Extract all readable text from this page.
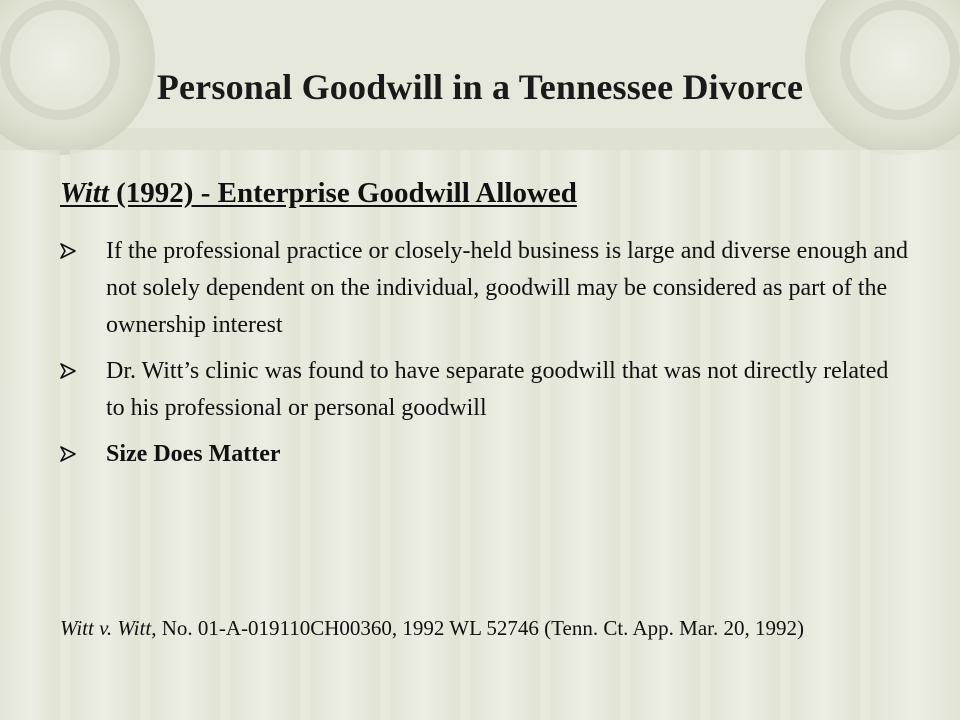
Personal Goodwill in a Tennessee Divorce
Witt (1992) - Enterprise Goodwill Allowed
If the professional practice or closely-held business is large and diverse enough and not solely dependent on the individual, goodwill may be considered as part of the ownership interest
Dr. Witt’s clinic was found to have separate goodwill that was not directly related to his professional or personal goodwill
Size Does Matter
Witt v. Witt, No. 01-A-019110CH00360, 1992 WL 52746 (Tenn. Ct. App. Mar. 20, 1992)
